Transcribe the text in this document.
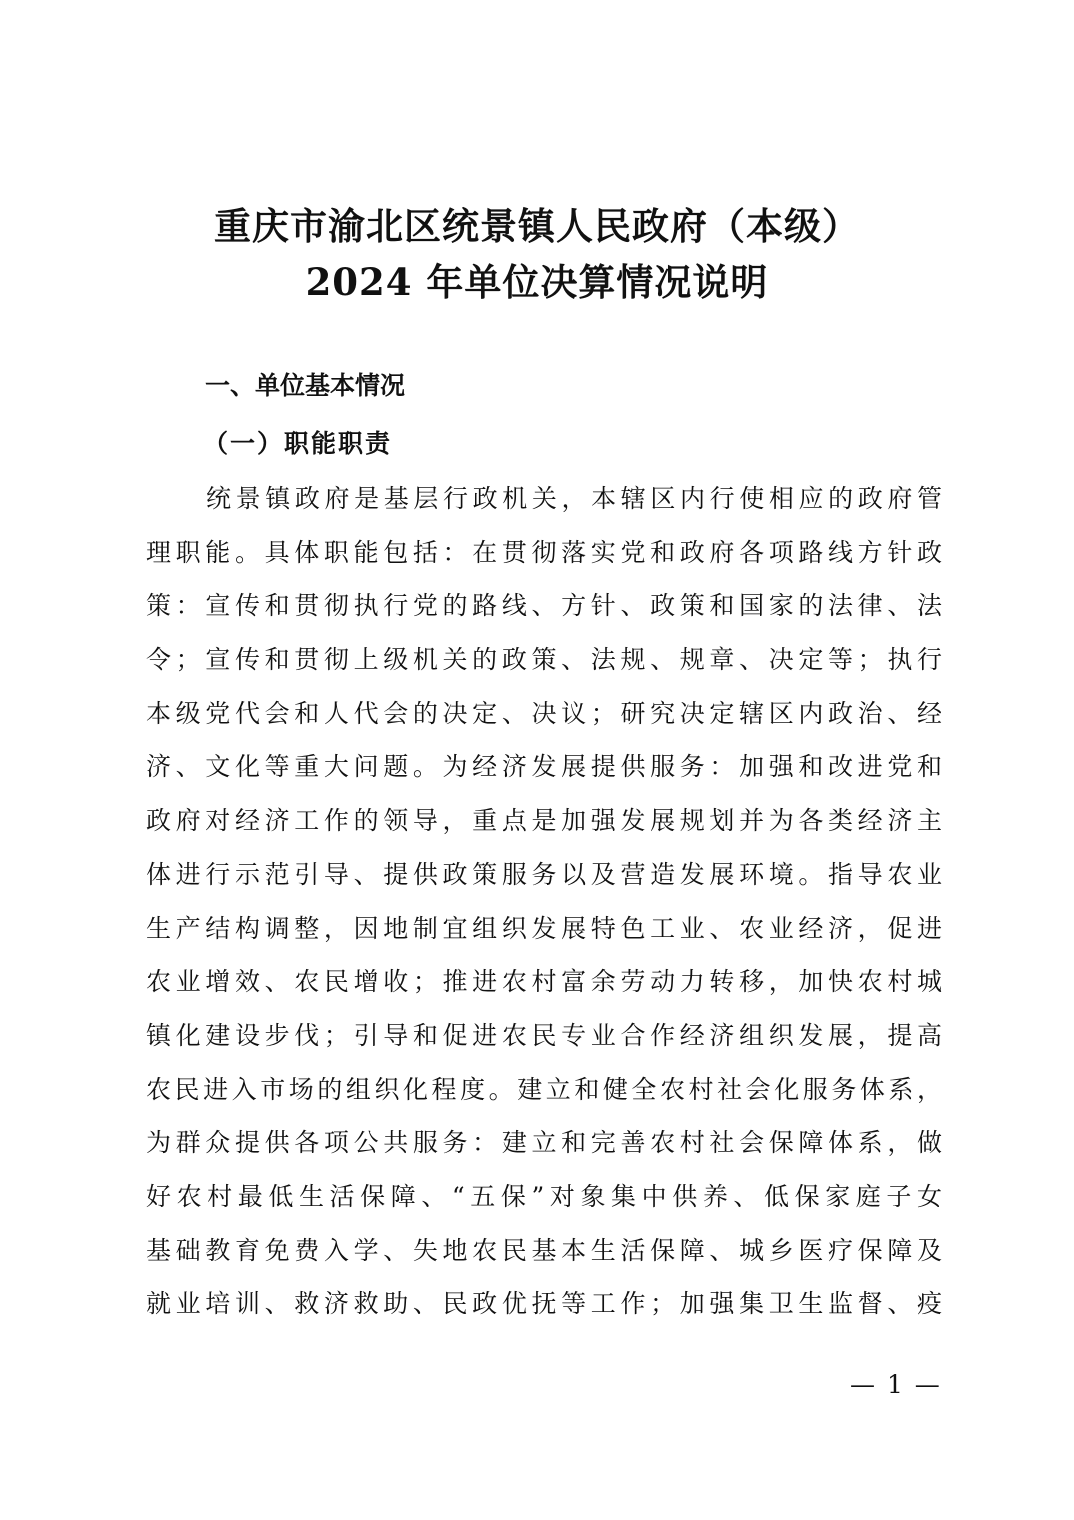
重庆市渝北区统景镇人民政府（本级）
2024 年单位决算情况说明
一、单位基本情况
（一）职能职责
统景镇政府是基层行政机关，本辖区内行使相应的政府管
理职能。具体职能包括：在贯彻落实党和政府各项路线方针政
策：宣传和贯彻执行党的路线、方针、政策和国家的法律、法
令；宣传和贯彻上级机关的政策、法规、规章、决定等；执行
本级党代会和人代会的决定、决议；研究决定辖区内政治、经
济、文化等重大问题。为经济发展提供服务：加强和改进党和
政府对经济工作的领导，重点是加强发展规划并为各类经济主
体进行示范引导、提供政策服务以及营造发展环境。指导农业
生产结构调整，因地制宜组织发展特色工业、农业经济，促进
农业增效、农民增收；推进农村富余劳动力转移，加快农村城
镇化建设步伐；引导和促进农民专业合作经济组织发展，提高
农民进入市场的组织化程度。建立和健全农村社会化服务体系，
为群众提供各项公共服务：建立和完善农村社会保障体系，做
好农村最低生活保障、“五保”对象集中供养、低保家庭子女
基础教育免费入学、失地农民基本生活保障、城乡医疗保障及
就业培训、救济救助、民政优抚等工作；加强集卫生监督、疫
— 1 —
